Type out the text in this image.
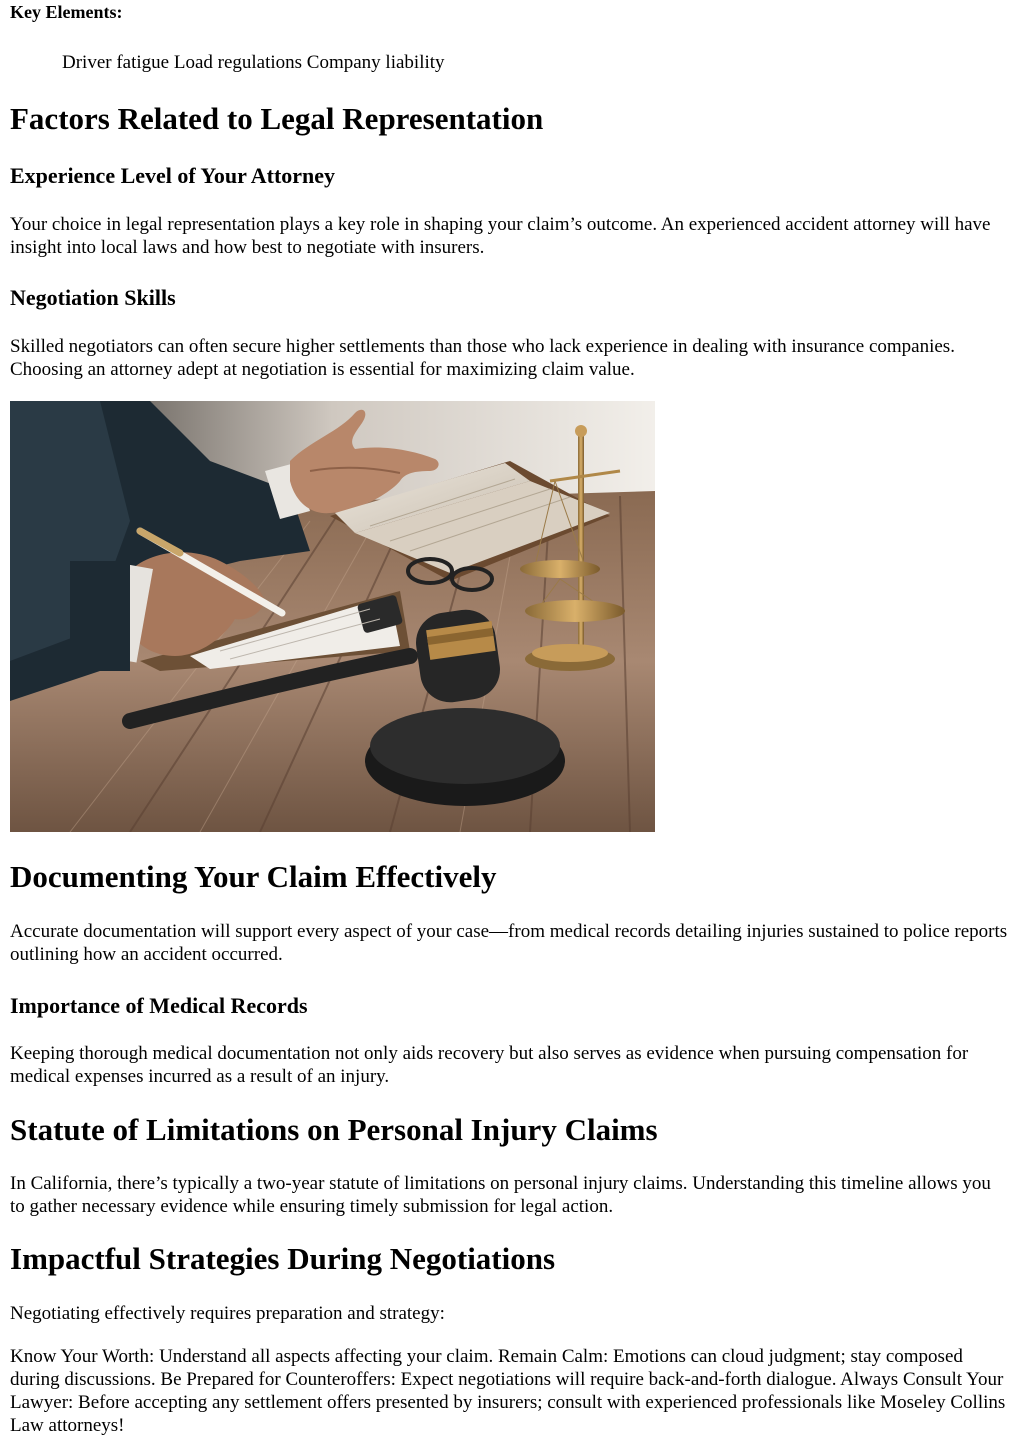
Key Elements:

Driver fatigue Load regulations Company liability

Factors Related to Legal Representation
Experience Level of Your Attorney

Your choice in legal representation plays a key role in shaping your claim’s outcome. An experienced accident attorney will have insight into local laws and how best to negotiate with insurers.

Negotiation Skills

Skilled negotiators can often secure higher settlements than those who lack experience in dealing with insurance companies. Choosing an attorney adept at negotiation is essential for maximizing claim value.

Documenting Your Claim Effectively

Accurate documentation will support every aspect of your case—from medical records detailing injuries sustained to police reports outlining how an accident occurred.

Importance of Medical Records

Keeping thorough medical documentation not only aids recovery but also serves as evidence when pursuing compensation for medical expenses incurred as a result of an injury.

Statute of Limitations on Personal Injury Claims

In California, there’s typically a two-year statute of limitations on personal injury claims. Understanding this timeline allows you to gather necessary evidence while ensuring timely submission for legal action.

Impactful Strategies During Negotiations

Negotiating effectively requires preparation and strategy:

Know Your Worth: Understand all aspects affecting your claim. Remain Calm: Emotions can cloud judgment; stay composed during discussions. Be Prepared for Counteroffers: Expect negotiations will require back-and-forth dialogue. Always Consult Your Lawyer: Before accepting any settlement offers presented by insurers; consult with experienced professionals like Moseley Collins Law attorneys!
